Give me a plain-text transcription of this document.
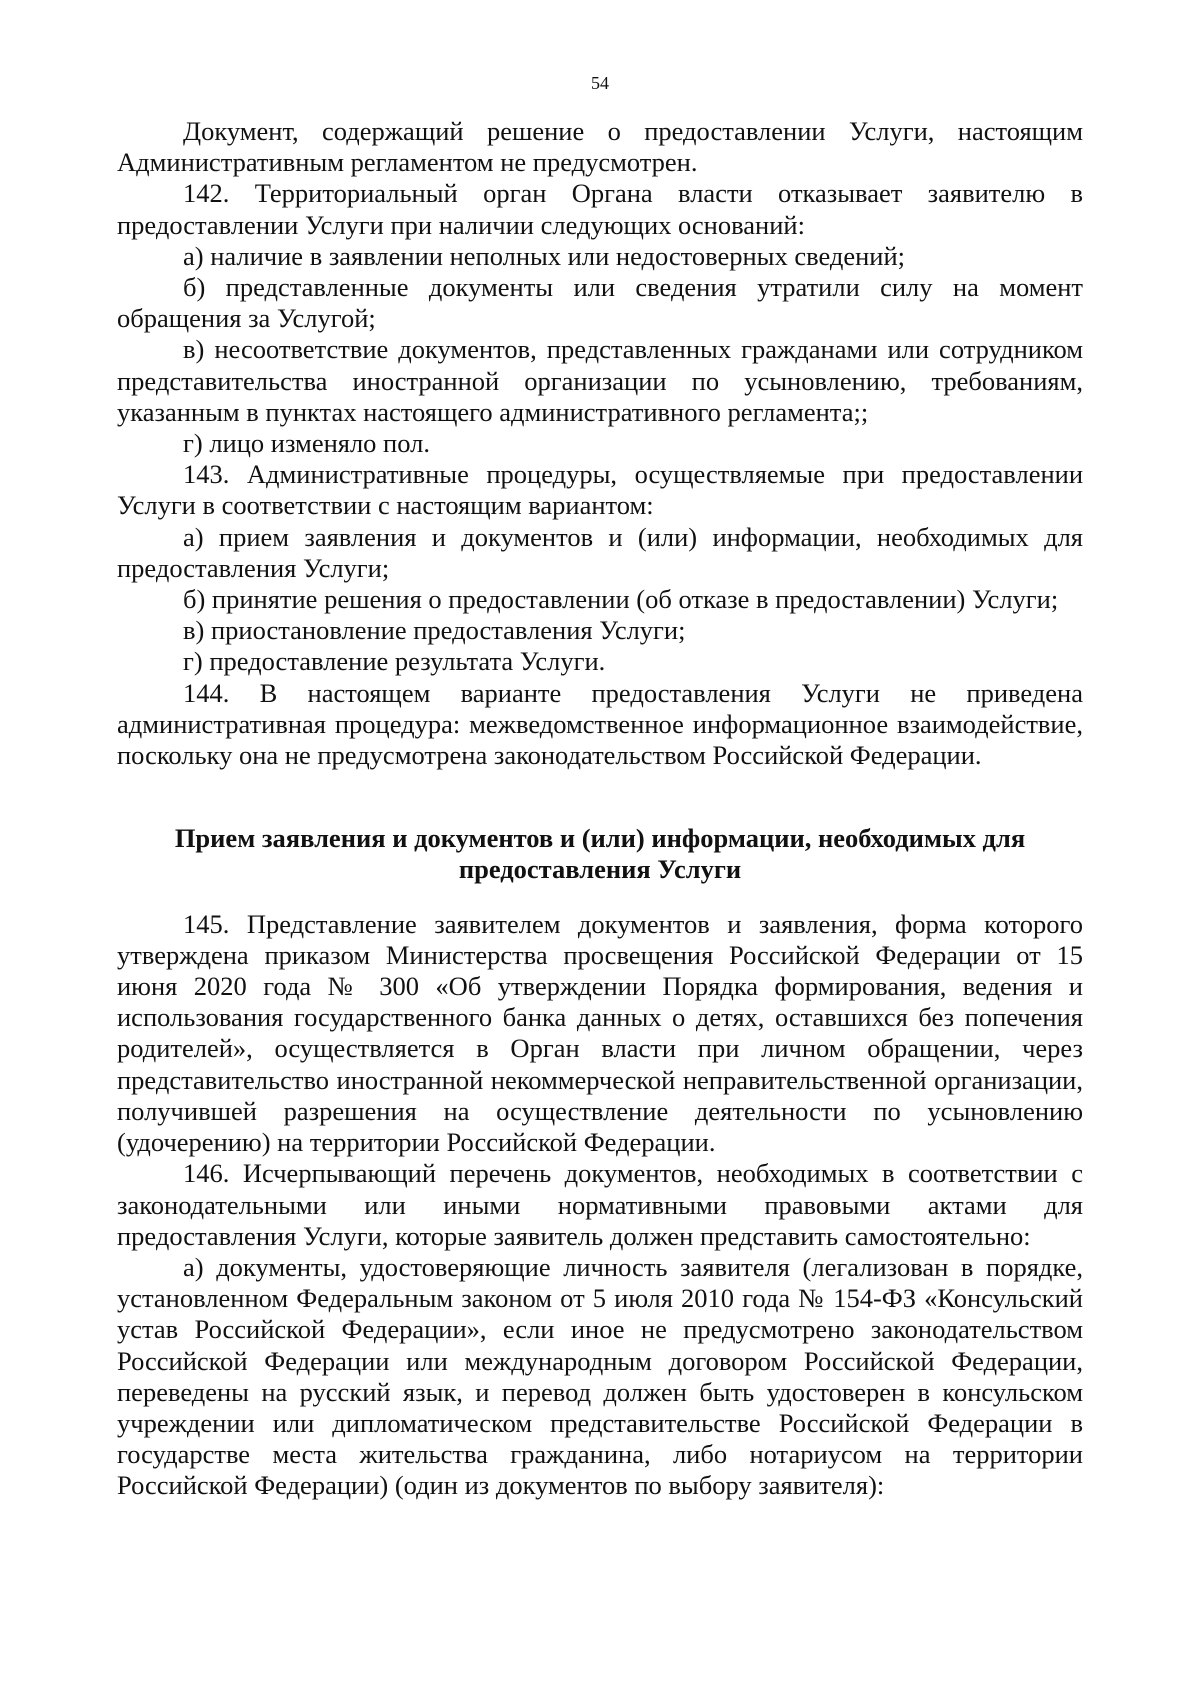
54

Документ, содержащий решение о предоставлении Услуги, настоящим Административным регламентом не предусмотрен.

142. Территориальный орган Органа власти отказывает заявителю в предоставлении Услуги при наличии следующих оснований:

а) наличие в заявлении неполных или недостоверных сведений;

б) представленные документы или сведения утратили силу на момент обращения за Услугой;

в) несоответствие документов, представленных гражданами или сотрудником представительства иностранной организации по усыновлению, требованиям, указанным в пунктах настоящего административного регламента;;

г) лицо изменяло пол.

143. Административные процедуры, осуществляемые при предоставлении Услуги в соответствии с настоящим вариантом:

а) прием заявления и документов и (или) информации, необходимых для предоставления Услуги;

б) принятие решения о предоставлении (об отказе в предоставлении) Услуги;

в) приостановление предоставления Услуги;

г) предоставление результата Услуги.

144. В настоящем варианте предоставления Услуги не приведена административная процедура: межведомственное информационное взаимодействие, поскольку она не предусмотрена законодательством Российской Федерации.

Прием заявления и документов и (или) информации, необходимых для
предоставления Услуги

145. Представление заявителем документов и заявления, форма которого утверждена приказом Министерства просвещения Российской Федерации от 15 июня 2020 года № 300 «Об утверждении Порядка формирования, ведения и использования государственного банка данных о детях, оставшихся без попечения родителей», осуществляется в Орган власти при личном обращении, через представительство иностранной некоммерческой неправительственной организации, получившей разрешения на осуществление деятельности по усыновлению (удочерению) на территории Российской Федерации.

146. Исчерпывающий перечень документов, необходимых в соответствии с законодательными или иными нормативными правовыми актами для предоставления Услуги, которые заявитель должен представить самостоятельно:

а) документы, удостоверяющие личность заявителя (легализован в порядке, установленном Федеральным законом от 5 июля 2010 года № 154-ФЗ «Консульский устав Российской Федерации», если иное не предусмотрено законодательством Российской Федерации или международным договором Российской Федерации, переведены на русский язык, и перевод должен быть удостоверен в консульском учреждении или дипломатическом представительстве Российской Федерации в государстве места жительства гражданина, либо нотариусом на территории Российской Федерации) (один из документов по выбору заявителя):
